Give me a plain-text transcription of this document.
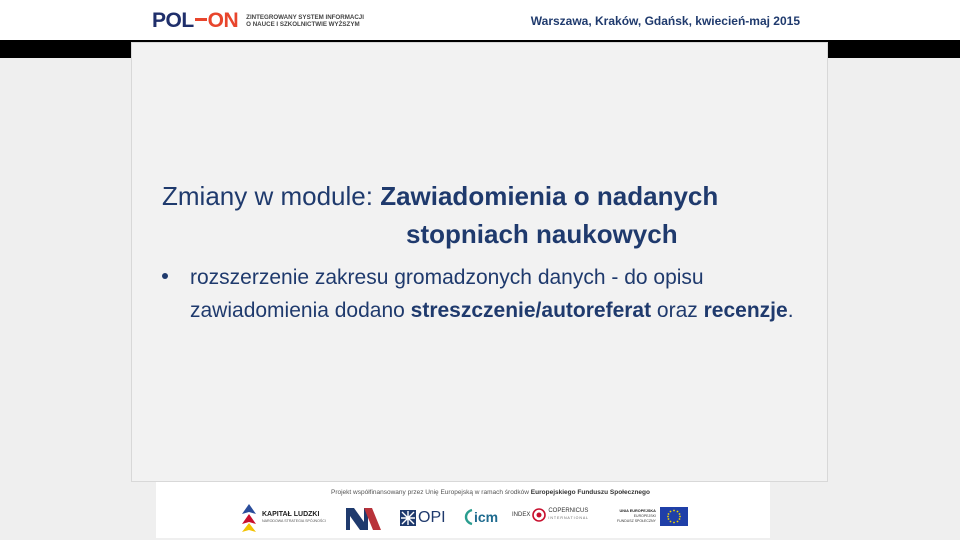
POL ON ZINTEGROWANY SYSTEM INFORMACJI
O NAUCE I SZKOLNICTWIE WYŻSZYM	Warszawa, Kraków, Gdańsk, kwiecień-maj 2015
Zmiany w module: Zawiadomienia o nadanych
stopniach naukowych
rozszerzenie zakresu gromadzonych danych - do opisu zawiadomienia dodano streszczenie/autoreferat oraz recenzje.
Projekt współfinansowany przez Unię Europejską w ramach środków Europejskiego Funduszu Społecznego
KAPITAŁ LUDZKI
NARODOWA STRATEGIA SPÓJNOŚCI	OPI icm INDEX
COPERNICUS
I N T E R N A T I O N A L
UNIA EUROPEJSKA
EUROPEJSKI
FUNDUSZ SPOŁECZNY
